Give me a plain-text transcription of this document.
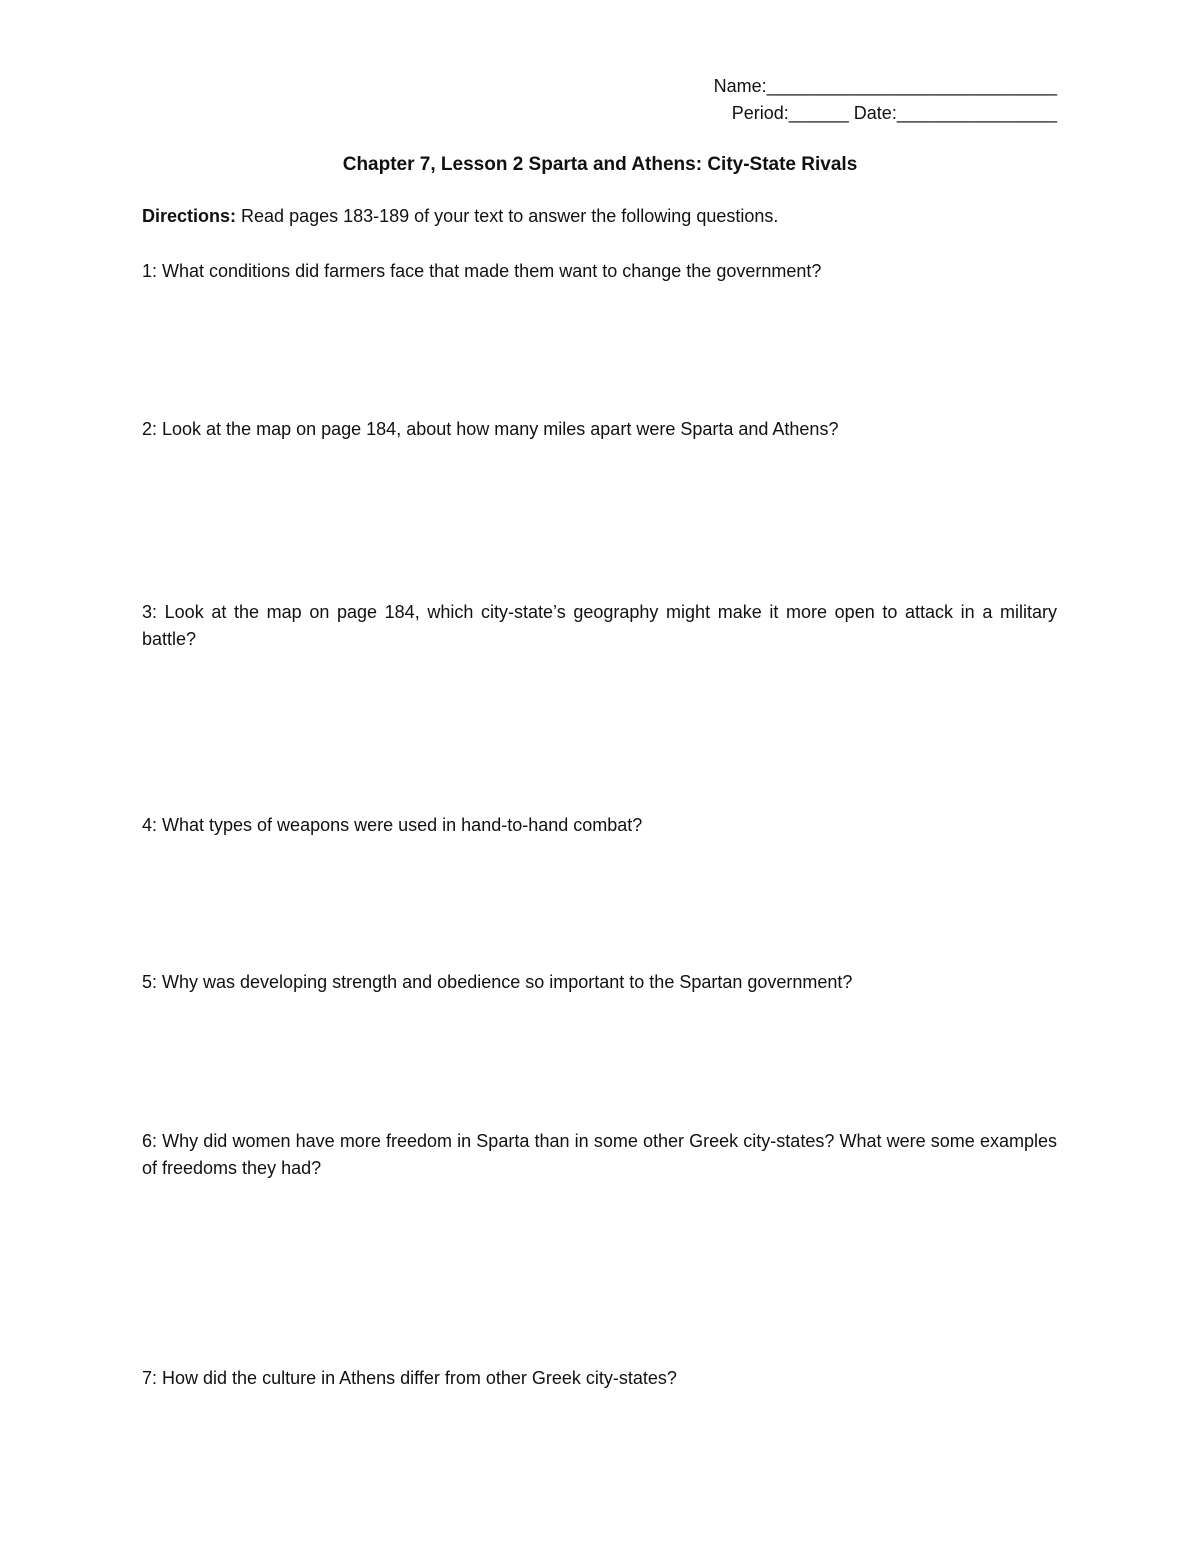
Name:_____________________________
Period:______ Date:________________
Chapter 7, Lesson 2 Sparta and Athens: City-State Rivals
Directions: Read pages 183-189 of your text to answer the following questions.
1: What conditions did farmers face that made them want to change the government?
2: Look at the map on page 184, about how many miles apart were Sparta and Athens?
3: Look at the map on page 184, which city-state’s geography might make it more open to attack in a military battle?
4: What types of weapons were used in hand-to-hand combat?
5: Why was developing strength and obedience so important to the Spartan government?
6: Why did women have more freedom in Sparta than in some other Greek city-states? What were some examples of freedoms they had?
7: How did the culture in Athens differ from other Greek city-states?
